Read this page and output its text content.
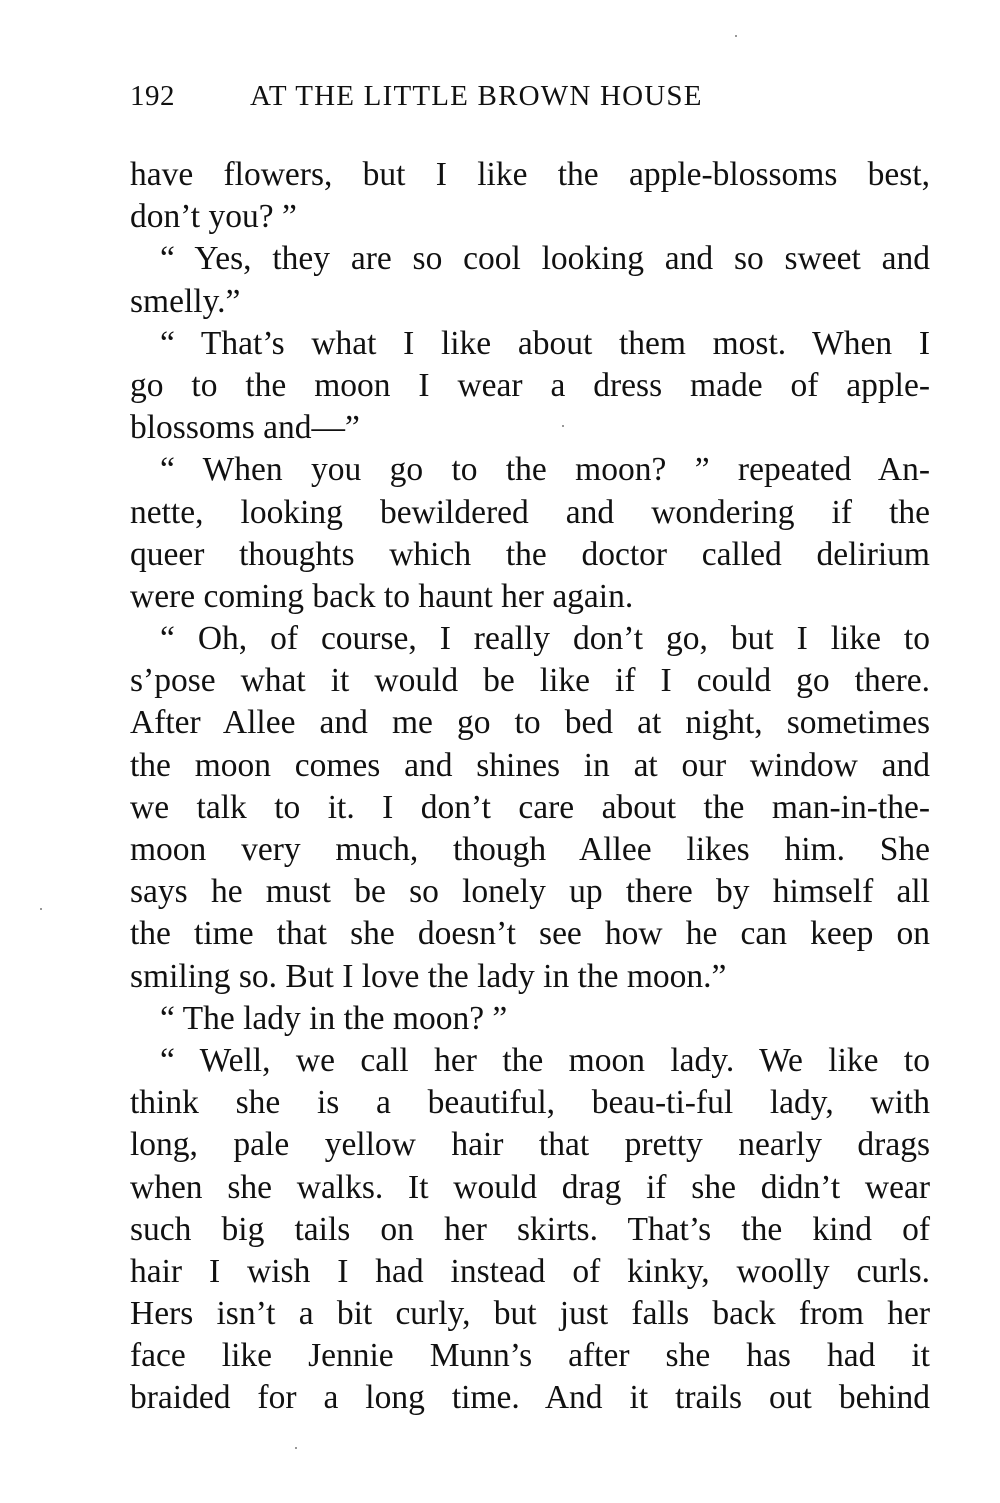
192	AT THE LITTLE BROWN HOUSE
have flowers, but I like the apple-blossoms best,
don’t you? ”
“ Yes, they are so cool looking and so sweet and
smelly.”
“ That’s what I like about them most. When I
go to the moon I wear a dress made of apple-
blossoms and—”
“ When you go to the moon? ” repeated An-
nette, looking bewildered and wondering if the
queer thoughts which the doctor called delirium
were coming back to haunt her again.
“ Oh, of course, I really don’t go, but I like to
s’pose what it would be like if I could go there.
After Allee and me go to bed at night, sometimes
the moon comes and shines in at our window and
we talk to it. I don’t care about the man-in-the-
moon very much, though Allee likes him. She
says he must be so lonely up there by himself all
the time that she doesn’t see how he can keep on
smiling so. But I love the lady in the moon.”
“ The lady in the moon? ”
“ Well, we call her the moon lady. We like to
think she is a beautiful, beau-ti-ful lady, with
long, pale yellow hair that pretty nearly drags
when she walks. It would drag if she didn’t wear
such big tails on her skirts. That’s the kind of
hair I wish I had instead of kinky, woolly curls.
Hers isn’t a bit curly, but just falls back from her
face like Jennie Munn’s after she has had it
braided for a long time. And it trails out behind
